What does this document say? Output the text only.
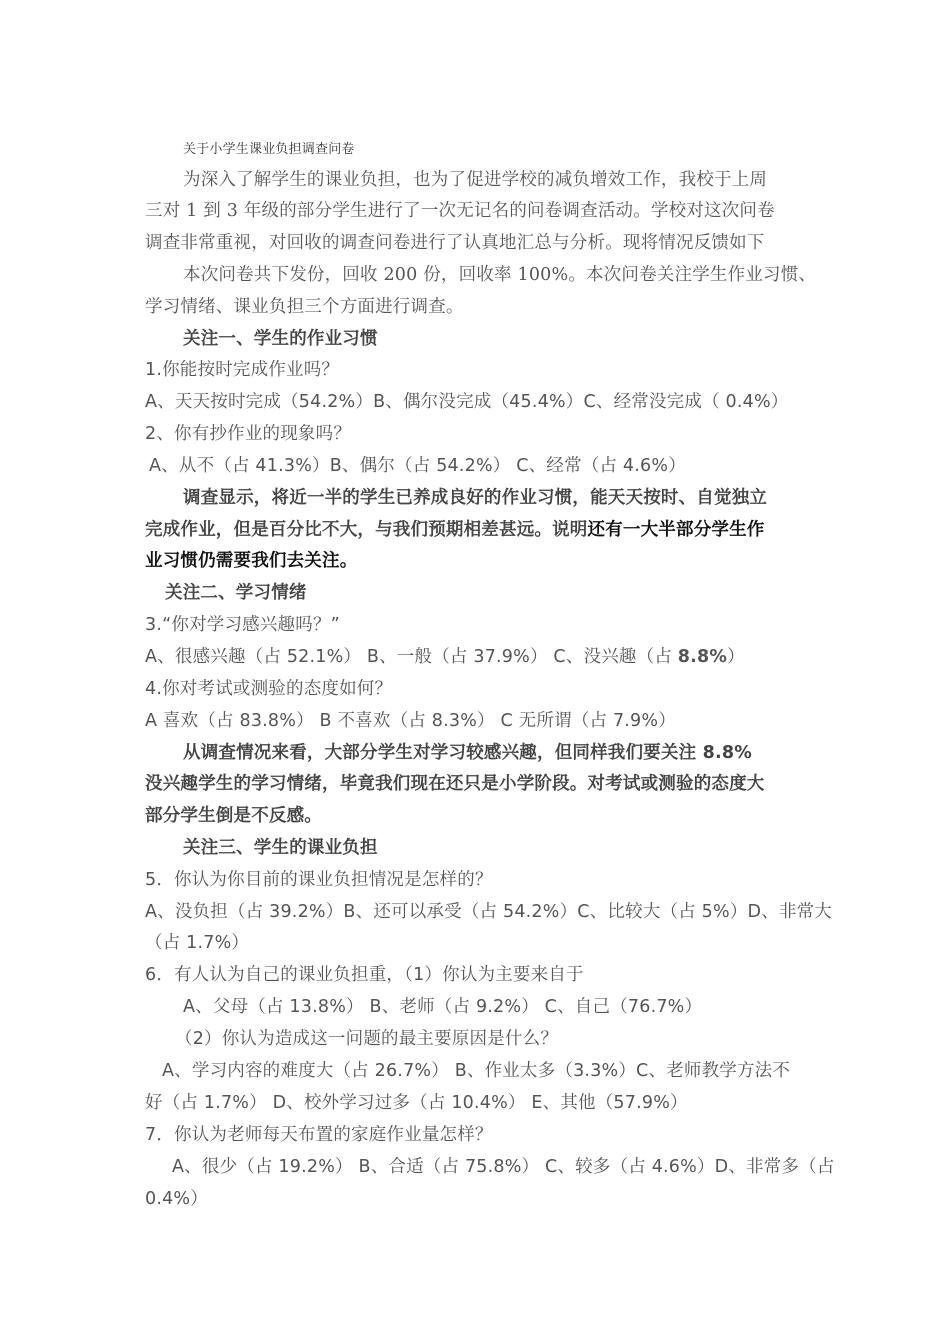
关于小学生课业负担调查问卷
为深入了解学生的课业负担，也为了促进学校的减负增效工作，我校于上周
三对 1 到 3 年级的部分学生进行了一次无记名的问卷调查活动。学校对这次问卷
调查非常重视，对回收的调查问卷进行了认真地汇总与分析。现将情况反馈如下
本次问卷共下发份，回收 200 份，回收率 100%。本次问卷关注学生作业习惯、
学习情绪、课业负担三个方面进行调查。
关注一、学生的作业习惯
1.你能按时完成作业吗？
A、天天按时完成（54.2%）B、偶尔没完成（45.4%）C、经常没完成（ 0.4%）
2、你有抄作业的现象吗？
A、从不（占 41.3%）B、偶尔（占 54.2%） C、经常（占 4.6%）
调查显示，将近一半的学生已养成良好的作业习惯，能天天按时、自觉独立
完成作业，但是百分比不大，与我们预期相差甚远。说明还有一大半部分学生作
业习惯仍需要我们去关注。
关注二、学习情绪
3.“你对学习感兴趣吗？”
A、很感兴趣（占 52.1%） B、一般（占 37.9%） C、没兴趣（占 8.8%）
4.你对考试或测验的态度如何？
A 喜欢（占 83.8%） B 不喜欢（占 8.3%） C 无所谓（占 7.9%）
从调查情况来看，大部分学生对学习较感兴趣，但同样我们要关注 8.8%
没兴趣学生的学习情绪，毕竟我们现在还只是小学阶段。对考试或测验的态度大
部分学生倒是不反感。
关注三、学生的课业负担
5．你认为你目前的课业负担情况是怎样的？
A、没负担（占 39.2%）B、还可以承受（占 54.2%）C、比较大（占 5%）D、非常大
（占 1.7%）
6．有人认为自己的课业负担重，（1）你认为主要来自于
A、父母（占 13.8%） B、老师（占 9.2%） C、自己（76.7%）
（2）你认为造成这一问题的最主要原因是什么？
A、学习内容的难度大（占 26.7%） B、作业太多（3.3%）C、老师教学方法不
好（占 1.7%） D、校外学习过多（占 10.4%） E、其他（57.9%）
7．你认为老师每天布置的家庭作业量怎样？
A、很少（占 19.2%） B、合适（占 75.8%） C、较多（占 4.6%）D、非常多（占
0.4%）
